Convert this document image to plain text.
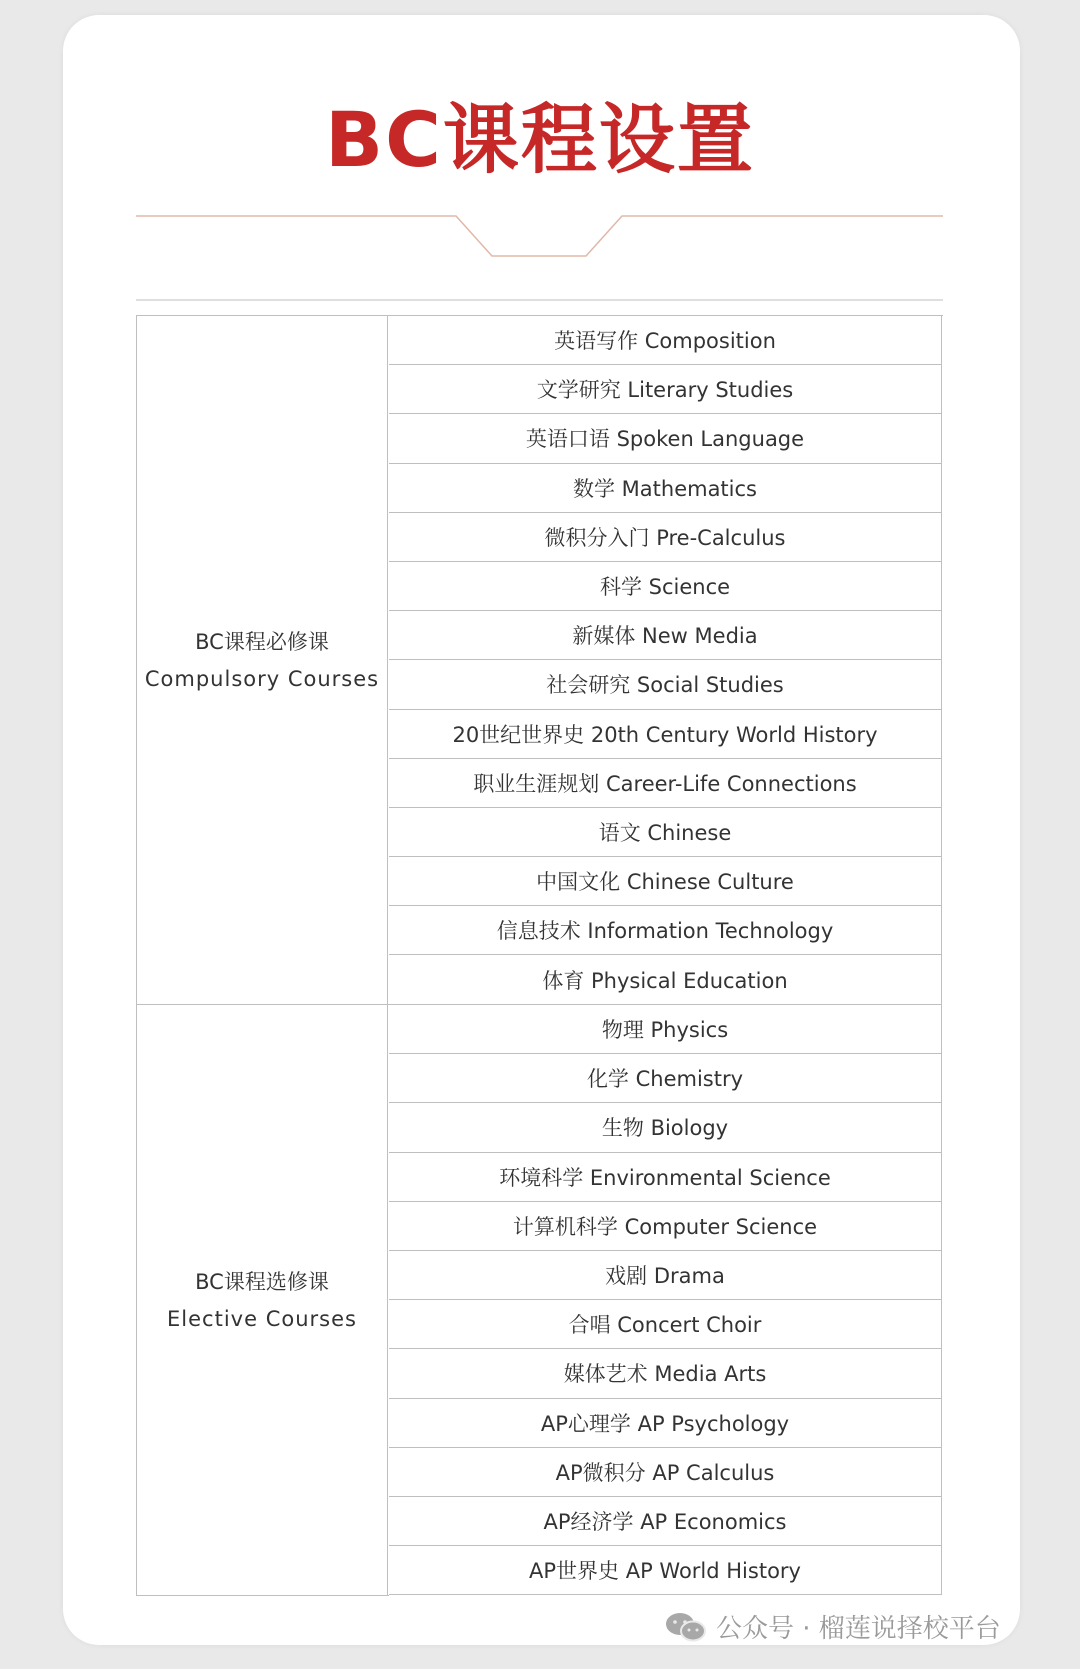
BC课程设置
BC课程必修课
Compulsory Courses
英语写作 Composition
文学研究 Literary Studies
英语口语 Spoken Language
数学 Mathematics
微积分入门 Pre-Calculus
科学 Science
新媒体 New Media
社会研究 Social Studies
20世纪世界史 20th Century World History
职业生涯规划 Career-Life Connections
语文 Chinese
中国文化 Chinese Culture
信息技术 Information Technology
体育 Physical Education
BC课程选修课
Elective Courses
物理 Physics
化学 Chemistry
生物 Biology
环境科学 Environmental Science
计算机科学 Computer Science
戏剧 Drama
合唱 Concert Choir
媒体艺术 Media Arts
AP心理学 AP Psychology
AP微积分 AP Calculus
AP经济学 AP Economics
AP世界史 AP World History
公众号 · 榴莲说择校平台
